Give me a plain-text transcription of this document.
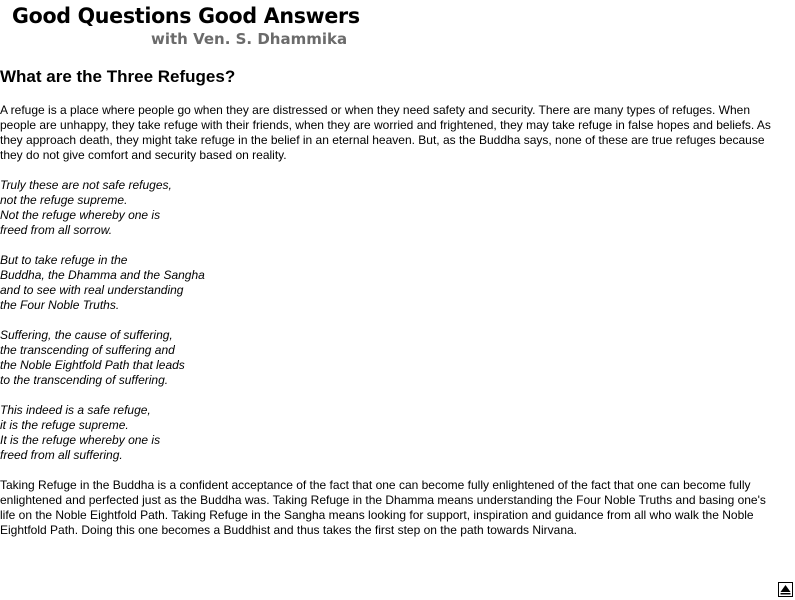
Good Questions Good Answers
with Ven. S. Dhammika
What are the Three Refuges?

A refuge is a place where people go when they are distressed or when they need safety and security. There are many types of refuges. When people are unhappy, they take refuge with their friends, when they are worried and frightened, they may take refuge in false hopes and beliefs. As they approach death, they might take refuge in the belief in an eternal heaven. But, as the Buddha says, none of these are true refuges because they do not give comfort and security based on reality.

Truly these are not safe refuges,
not the refuge supreme.
Not the refuge whereby one is
freed from all sorrow.
But to take refuge in the
Buddha, the Dhamma and the Sangha
and to see with real understanding
the Four Noble Truths.
Suffering, the cause of suffering,
the transcending of suffering and
the Noble Eightfold Path that leads
to the transcending of suffering.
This indeed is a safe refuge,
it is the refuge supreme.
It is the refuge whereby one is
freed from all suffering.

Taking Refuge in the Buddha is a confident acceptance of the fact that one can become fully enlightened of the fact that one can become fully enlightened and perfected just as the Buddha was. Taking Refuge in the Dhamma means understanding the Four Noble Truths and basing one's life on the Noble Eightfold Path. Taking Refuge in the Sangha means looking for support, inspiration and guidance from all who walk the Noble Eightfold Path. Doing this one becomes a Buddhist and thus takes the first step on the path towards Nirvana.
